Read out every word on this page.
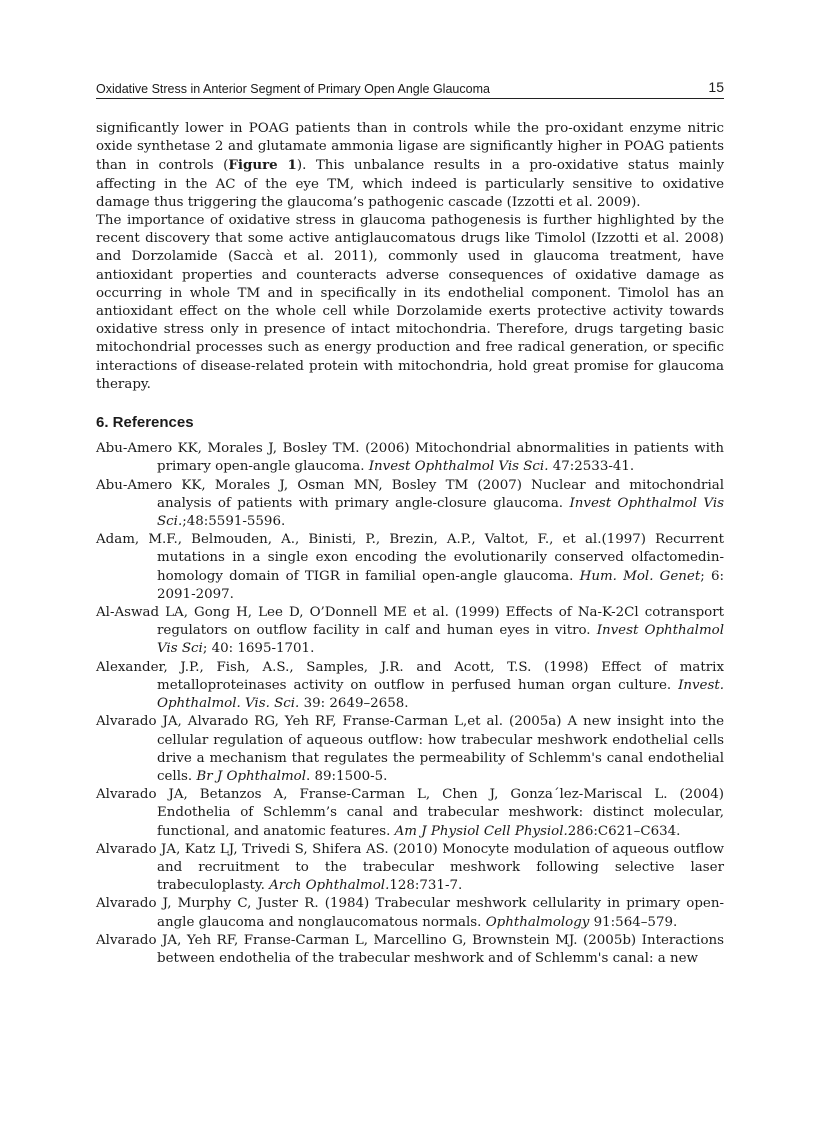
Oxidative Stress in Anterior Segment of Primary Open Angle Glaucoma	15

significantly lower in POAG patients than in controls while the pro-oxidant enzyme nitric oxide synthetase 2 and glutamate ammonia ligase are significantly higher in POAG patients than in controls (Figure 1). This unbalance results in a pro-oxidative status mainly affecting in the AC of the eye TM, which indeed is particularly sensitive to oxidative damage thus triggering the glaucoma’s pathogenic cascade (Izzotti et al. 2009).

The importance of oxidative stress in glaucoma pathogenesis is further highlighted by the recent discovery that some active antiglaucomatous drugs like Timolol (Izzotti et al. 2008) and Dorzolamide (Saccà et al. 2011), commonly used in glaucoma treatment, have antioxidant properties and counteracts adverse consequences of oxidative damage as occurring in whole TM and in specifically in its endothelial component. Timolol has an antioxidant effect on the whole cell while Dorzolamide exerts protective activity towards oxidative stress only in presence of intact mitochondria. Therefore, drugs targeting basic mitochondrial processes such as energy production and free radical generation, or specific interactions of disease-related protein with mitochondria, hold great promise for glaucoma therapy.

6. References

Abu-Amero KK, Morales J, Bosley TM. (2006) Mitochondrial abnormalities in patients with primary open-angle glaucoma. Invest Ophthalmol Vis Sci. 47:2533-41.

Abu-Amero KK, Morales J, Osman MN, Bosley TM (2007) Nuclear and mitochondrial analysis of patients with primary angle-closure glaucoma. Invest Ophthalmol Vis Sci.;48:5591-5596.

Adam, M.F., Belmouden, A., Binisti, P., Brezin, A.P., Valtot, F., et al.(1997) Recurrent mutations in a single exon encoding the evolutionarily conserved olfactomedin-homology domain of TIGR in familial open-angle glaucoma. Hum. Mol. Genet; 6: 2091-2097.

Al-Aswad LA, Gong H, Lee D, O’Donnell ME et al. (1999) Effects of Na-K-2Cl cotransport regulators on outflow facility in calf and human eyes in vitro. Invest Ophthalmol Vis Sci; 40: 1695-1701.

Alexander, J.P., Fish, A.S., Samples, J.R. and Acott, T.S. (1998) Effect of matrix metalloproteinases activity on outflow in perfused human organ culture. Invest. Ophthalmol. Vis. Sci. 39: 2649–2658.

Alvarado JA, Alvarado RG, Yeh RF, Franse-Carman L,et al. (2005a) A new insight into the cellular regulation of aqueous outflow: how trabecular meshwork endothelial cells drive a mechanism that regulates the permeability of Schlemm's canal endothelial cells. Br J Ophthalmol. 89:1500-5.

Alvarado JA, Betanzos A, Franse-Carman L, Chen J, Gonza´lez-Mariscal L. (2004) Endothelia of Schlemm’s canal and trabecular meshwork: distinct molecular, functional, and anatomic features. Am J Physiol Cell Physiol.286:C621–C634.

Alvarado JA, Katz LJ, Trivedi S, Shifera AS. (2010) Monocyte modulation of aqueous outflow and recruitment to the trabecular meshwork following selective laser trabeculoplasty. Arch Ophthalmol.128:731-7.

Alvarado J, Murphy C, Juster R. (1984) Trabecular meshwork cellularity in primary open-angle glaucoma and nonglaucomatous normals. Ophthalmology 91:564–579.

Alvarado JA, Yeh RF, Franse-Carman L, Marcellino G, Brownstein MJ. (2005b) Interactions between endothelia of the trabecular meshwork and of Schlemm's canal: a new
